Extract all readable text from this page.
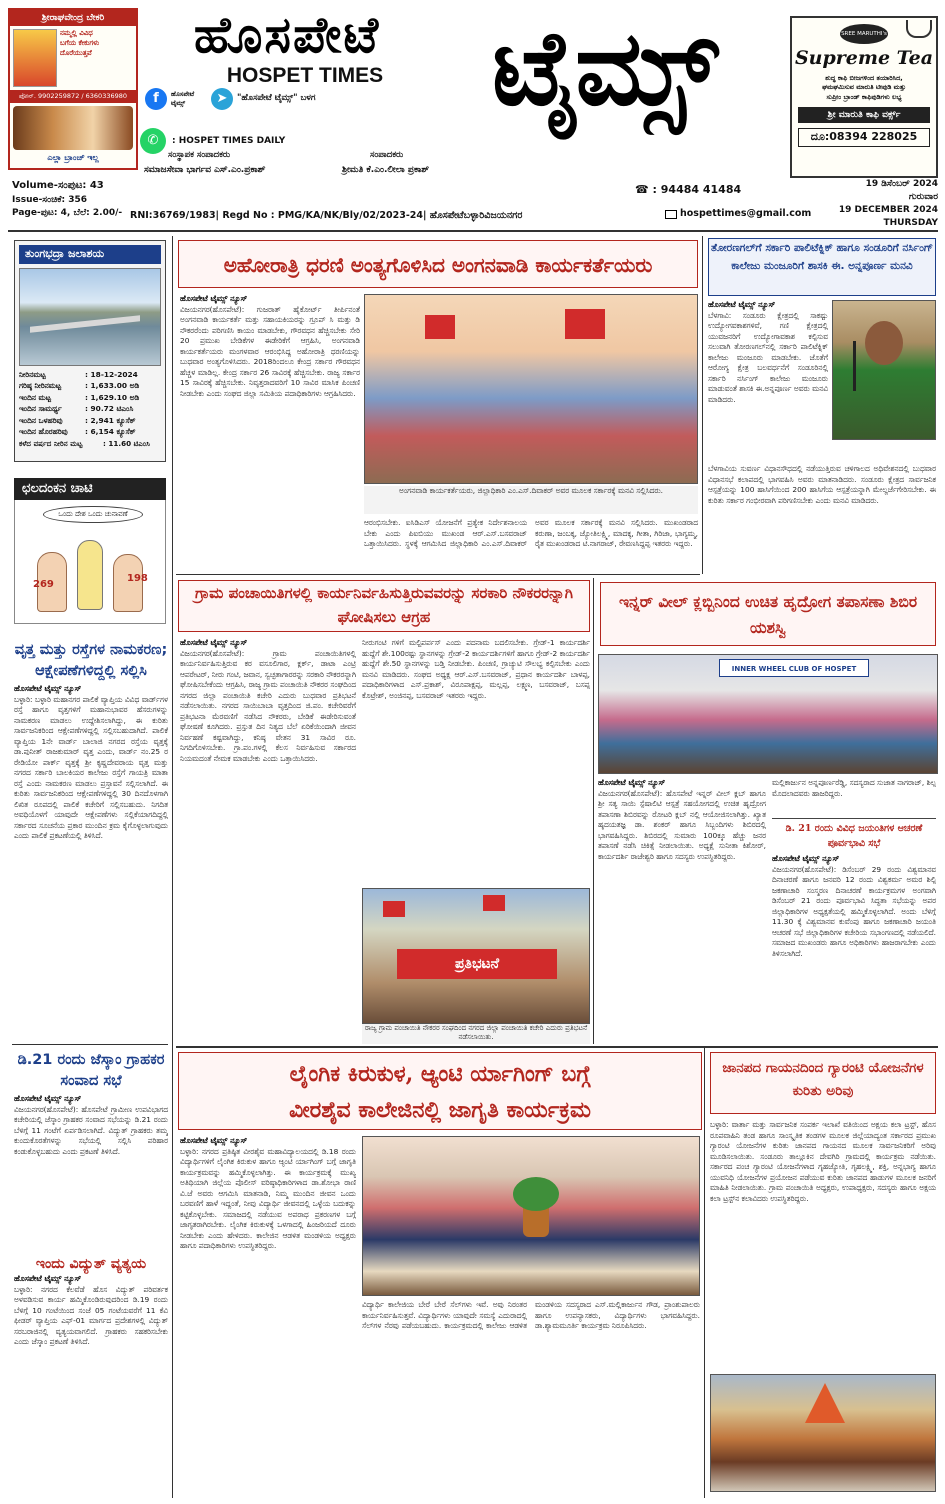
ಶ್ರೀರಾಘವೇಂದ್ರ ಬೇಕರಿ
ನಮ್ಮಲ್ಲಿ ವಿವಿಧ
ಬಗೆಯ ಕೇಕುಗಳು
ದೊರೆಯುತ್ತವೆ
ಪೋನ್. 9902259872 / 6360336980
ಎಲ್ಲಾ ಬ್ರಾಂಚ್ ಇಲ್ಲ
ಹೊಸಪೇಟೆ
HOSPET TIMES	ಟೈಮ್ಸ್
f	ಹೊಸಪೇಟೆ ಟೈಮ್ಸ್	➤	"ಹೊಸಪೇಟೆ ಟೈಮ್ಸ್" ಬಳಗ
✆	: HOSPET TIMES DAILY
SREE MARUTHI's
Supreme Tea
ಶುದ್ಧ ಕಾಫಿ ಬೀಜಗಳಿಂದ ತಯಾರಿಸಿದ,
ಘಮಘಮಿಸುವ ಮಾರುತಿ ಟೀಪುಡಿ ಮತ್ತು
ಸುಪ್ರೀಂ ಬ್ರಾಂಡ್ ಕಾಫಿಪುಡಿಗಳು ಲಭ್ಯ
ಶ್ರೀ ಮಾರುತಿ ಕಾಫಿ ವರ್ಕ್ಸ್
ದೂ:08394 228025
ಸಂಸ್ಥಾಪಕ ಸಂಪಾದಕರು	ಸಂಪಾದಕರು
ಸಮಾಜಸೇವಾ ಭಾರ್ಗವ ಎಸ್.ಎಂ.ಪ್ರಕಾಶ್	ಶ್ರೀಮತಿ ಕೆ.ಎಂ.ಲೀಲಾ ಪ್ರಕಾಶ್
☎ : 94484 41484
Volume-ಸಂಪುಟ: 43
Issue-ಸಂಚಿಕೆ: 356
Page-ಪುಟ: 4, ಬೆಲೆ: 2.00/- RNI:36769/1983| Regd No : PMG/KA/NK/Bly/02/2023-24| ಹೊಸಪೇಟೆಬಳ್ಳಾರಿವಿಜಯನಗರ	hospettimes@gmail.com
19 ಡಿಸೆಂಬರ್ 2024
ಗುರುವಾರ
19 DECEMBER 2024
THURSDAY
ತುಂಗಭದ್ರಾ ಜಲಾಶಯ
ನೀರಿನಮಟ್ಟ	: 18-12-2024
ಗರಿಷ್ಠ ನೀರಿನಮಟ್ಟ	: 1,633.00 ಅಡಿ
ಇಂದಿನ ಮಟ್ಟ	: 1,629.10 ಅಡಿ
ಇಂದಿನ ಸಾಮರ್ಥ್ಯ	: 90.72 ಟಿಎಂಸಿ
ಇಂದಿನ ಒಳಹರಿವು	: 2,941 ಕ್ಯೂಸೆಕ್
ಇಂದಿನ ಹೊರಹರಿವು	: 6,154 ಕ್ಯೂಸೆಕ್
ಕಳೆದ ವರ್ಷದ ನೀರಿನ ಮಟ್ಟ	: 11.60 ಟಿಎಂಸಿ
ಛಲದಂಕನ ಚಾಟಿ
ಒಂದು ದೇಶ ಒಂದು ಚುನಾವಣೆ
269
198
ವೃತ್ತ ಮತ್ತು ರಸ್ತೆಗಳ ನಾಮಕರಣ;
ಆಕ್ಷೇಪಣೆಗಳಿದ್ದಲ್ಲಿ ಸಲ್ಲಿಸಿ
ಹೊಸಪೇಟೆ ಟೈಮ್ಸ್ ನ್ಯೂಸ್
ಬಳ್ಳಾರಿ: ಬಳ್ಳಾರಿ ಮಹಾನಗರ ಪಾಲಿಕೆ ವ್ಯಾಪ್ತಿಯ ವಿವಿಧ ವಾರ್ಡ್‌ಗಳ ರಸ್ತೆ ಹಾಗೂ ವೃತ್ತಗಳಿಗೆ ಮಹಾನುಭಾವರ ಹೆಸರುಗಳನ್ನು ನಾಮಕರಣ ಮಾಡಲು ಉದ್ದೇಶಿಸಲಾಗಿದ್ದು, ಈ ಕುರಿತು ಸಾರ್ವಜನಿಕರಿಂದ ಆಕ್ಷೇಪಣೆಗಳಿದ್ದಲ್ಲಿ ಸಲ್ಲಿಸಬಹುದಾಗಿದೆ. ಪಾಲಿಕೆ ವ್ಯಾಪ್ತಿಯ 1ನೇ ವಾರ್ಡ್ ಬಾಲಾಜಿ ನಗರದ ರಸ್ತೆಯ ವೃತ್ತಕ್ಕೆ ಡಾ.ಪುನೀತ್ ರಾಜಕುಮಾರ್ ವೃತ್ತ ಎಂದು, ವಾರ್ಡ್ ನಂ.25 ರ ರೇಡಿಯೋ ಪಾರ್ಕ್ ವೃತ್ತಕ್ಕೆ ಶ್ರೀ ಕೃಷ್ಣದೇವರಾಯ ವೃತ್ತ ಮತ್ತು ನಗರದ ಸರ್ಕಾರಿ ಬಾಲಕಿಯರ ಕಾಲೇಜು ರಸ್ತೆಗೆ ಗಾಯತ್ರಿ ಮಾತಾ ರಸ್ತೆ ಎಂದು ನಾಮಕರಣ ಮಾಡಲು ಪ್ರಸ್ತಾವನೆ ಸಲ್ಲಿಸಲಾಗಿದೆ. ಈ ಕುರಿತು ಸಾರ್ವಜನಿಕರಿಂದ ಆಕ್ಷೇಪಣೆಗಳಿದ್ದಲ್ಲಿ 30 ದಿನದೊಳಗಾಗಿ ಲಿಖಿತ ರೂಪದಲ್ಲಿ ಪಾಲಿಕೆ ಕಚೇರಿಗೆ ಸಲ್ಲಿಸಬಹುದು. ನಿಗದಿತ ಅವಧಿಯೊಳಗೆ ಯಾವುದೇ ಆಕ್ಷೇಪಣೆಗಳು ಸಲ್ಲಿಕೆಯಾಗದಿದ್ದಲ್ಲಿ ಸರ್ಕಾರದ ಸೂಚನೆಯ ಪ್ರಕಾರ ಮುಂದಿನ ಕ್ರಮ ಕೈಗೊಳ್ಳಲಾಗುವುದು ಎಂದು ಪಾಲಿಕೆ ಪ್ರಕಟಣೆಯಲ್ಲಿ ತಿಳಿಸಿದೆ.
ಡಿ.21 ರಂದು ಜೆಸ್ಕಾಂ ಗ್ರಾಹಕರ ಸಂವಾದ ಸಭೆ
ಹೊಸಪೇಟೆ ಟೈಮ್ಸ್ ನ್ಯೂಸ್
ವಿಜಯನಗರ(ಹೊಸಪೇಟೆ): ಹೊಸಪೇಟೆ ಗ್ರಾಮೀಣ ಉಪವಿಭಾಗದ ಕಚೇರಿಯಲ್ಲಿ ಜೆಸ್ಕಾಂ ಗ್ರಾಹಕರ ಸಂವಾದ ಸಭೆಯನ್ನು ಡಿ.21 ರಂದು ಬೆಳಿಗ್ಗೆ 11 ಗಂಟೆಗೆ ಏರ್ಪಡಿಸಲಾಗಿದೆ. ವಿದ್ಯುತ್ ಗ್ರಾಹಕರು ತಮ್ಮ ಕುಂದುಕೊರತೆಗಳನ್ನು ಸಭೆಯಲ್ಲಿ ಸಲ್ಲಿಸಿ ಪರಿಹಾರ ಕಂಡುಕೊಳ್ಳಬಹುದು ಎಂದು ಪ್ರಕಟಣೆ ತಿಳಿಸಿದೆ.
ಇಂದು ವಿದ್ಯುತ್ ವ್ಯತ್ಯಯ
ಹೊಸಪೇಟೆ ಟೈಮ್ಸ್ ನ್ಯೂಸ್
ಬಳ್ಳಾರಿ: ನಗರದ ಕೆಲವೆಡೆ ಹೊಸ ವಿದ್ಯುತ್ ಪರಿವರ್ತಕ ಅಳವಡಿಸುವ ಕಾರ್ಯ ಹಮ್ಮಿಕೊಂಡಿರುವುದರಿಂದ ಡಿ.19 ರಂದು ಬೆಳಿಗ್ಗೆ 10 ಗಂಟೆಯಿಂದ ಸಂಜೆ 05 ಗಂಟೆಯವರೆಗೆ 11 ಕೆವಿ ಫೀಡರ್ ವ್ಯಾಪ್ತಿಯ ಎಫ್-01 ಮಾರ್ಗದ ಪ್ರದೇಶಗಳಲ್ಲಿ ವಿದ್ಯುತ್ ಸರಬರಾಜಿನಲ್ಲಿ ವ್ಯತ್ಯಯವಾಗಲಿದೆ. ಗ್ರಾಹಕರು ಸಹಕರಿಸಬೇಕು ಎಂದು ಜೆಸ್ಕಾಂ ಪ್ರಕಟಣೆ ತಿಳಿಸಿದೆ.
ಅಹೋರಾತ್ರಿ ಧರಣಿ ಅಂತ್ಯಗೊಳಿಸಿದ ಅಂಗನವಾಡಿ ಕಾರ್ಯಕರ್ತೆಯರು
ಹೊಸಪೇಟೆ ಟೈಮ್ಸ್ ನ್ಯೂಸ್
ವಿಜಯನಗರ(ಹೊಸಪೇಟೆ): ಗುಜರಾತ್ ಹೈಕೋರ್ಟ್ ತೀರ್ಪಿನಂತೆ ಅಂಗನವಾಡಿ ಕಾರ್ಯಕರ್ತೆ ಮತ್ತು ಸಹಾಯಕಿಯರನ್ನು ಗ್ರೂಪ್ ಸಿ ಮತ್ತು ಡಿ ನೌಕರರೆಂದು ಪರಿಗಣಿಸಿ ಕಾಯಂ ಮಾಡಬೇಕು, ಗೌರವಧನ ಹೆಚ್ಚಿಸಬೇಕು ಸೇರಿ 20 ಪ್ರಮುಖ ಬೇಡಿಕೆಗಳ ಈಡೇರಿಕೆಗೆ ಆಗ್ರಹಿಸಿ, ಅಂಗನವಾಡಿ ಕಾರ್ಯಕರ್ತೆಯರು ಮಂಗಳವಾರ ಆರಂಭಿಸಿದ್ದ ಅಹೋರಾತ್ರಿ ಧರಣಿಯನ್ನು ಬುಧವಾರ ಅಂತ್ಯಗೊಳಿಸಿದರು. 2018ರಿಂದಲೂ ಕೇಂದ್ರ ಸರ್ಕಾರ ಗೌರವಧನ ಹೆಚ್ಚಳ ಮಾಡಿಲ್ಲ. ಕೇಂದ್ರ ಸರ್ಕಾರ 26 ಸಾವಿರಕ್ಕೆ ಹೆಚ್ಚಿಸಬೇಕು. ರಾಜ್ಯ ಸರ್ಕಾರ 15 ಸಾವಿರಕ್ಕೆ ಹೆಚ್ಚಿಸಬೇಕು. ನಿವೃತ್ತರಾದವರಿಗೆ 10 ಸಾವಿರ ಮಾಸಿಕ ಪಿಂಚಣಿ ನೀಡಬೇಕು ಎಂದು ಸಂಘದ ಜಿಲ್ಲಾ ಸಮಿತಿಯ ಪದಾಧಿಕಾರಿಗಳು ಆಗ್ರಹಿಸಿದರು.
ಅಂಗನವಾಡಿ ಕಾರ್ಯಕರ್ತೆಯರು, ಜಿಲ್ಲಾಧಿಕಾರಿ ಎಂ.ಎಸ್.ದಿವಾಕರ್ ಅವರ ಮೂಲಕ ಸರ್ಕಾರಕ್ಕೆ ಮನವಿ ಸಲ್ಲಿಸಿದರು.
ಆರಂಭಿಸಬೇಕು. ಐಸಿಡಿಎಸ್ ಯೋಜನೆಗೆ ಪ್ರತ್ಯೇಕ ನಿರ್ದೇಶನಾಲಯ ಬೇಕು ಎಂದು ಪಿಐಬಿಯು ಮುಖಂಡ ಆರ್.ಎಸ್.ಬಸವರಾಜ್ ಒತ್ತಾಯಿಸಿದರು. ಸ್ಥಳಕ್ಕೆ ಆಗಮಿಸಿದ ಜಿಲ್ಲಾಧಿಕಾರಿ ಎಂ.ಎಸ್.ದಿವಾಕರ್ ಅವರ ಮೂಲಕ ಸರ್ಕಾರಕ್ಕೆ ಮನವಿ ಸಲ್ಲಿಸಿದರು. ಮುಖಂಡರಾದ ಕರುಣಾ, ಜಂಬಕ್ಕ, ಜ್ಯೋತಿಲಕ್ಷ್ಮಿ, ಮಾದಕ್ಕ, ಗೀತಾ, ಗಿರಿಜಾ, ಭಾಗ್ಯಮ್ಮ, ರೈತ ಮುಖಂಡರಾದ ಟಿ.ನಾಗರಾಜ್, ರೇವಣಸಿದ್ದಪ್ಪ ಇತರರು ಇದ್ದರು.
ಗ್ರಾಮ ಪಂಚಾಯಿತಿಗಳಲ್ಲಿ ಕಾರ್ಯನಿರ್ವಹಿಸುತ್ತಿರುವವರನ್ನು ಸರಕಾರಿ ನೌಕರರನ್ನಾಗಿ ಘೋಷಿಸಲು ಆಗ್ರಹ
ಹೊಸಪೇಟೆ ಟೈಮ್ಸ್ ನ್ಯೂಸ್
ವಿಜಯನಗರ(ಹೊಸಪೇಟೆ): ಗ್ರಾಮ ಪಂಚಾಯಿತಿಗಳಲ್ಲಿ ಕಾರ್ಯನಿರ್ವಹಿಸುತ್ತಿರುವ ಕರ ವಸೂಲಿಗಾರ, ಕ್ಲರ್ಕ್, ಡಾಟಾ ಎಂಟ್ರಿ ಆಪರೇಟರ್, ನೀರು ಗಂಟಿ, ಜವಾನ, ಸ್ವಚ್ಛತಾಗಾರರನ್ನು ಸರಕಾರಿ ನೌಕರರನ್ನಾಗಿ ಘೋಷಿಸಬೇಕೆಂದು ಆಗ್ರಹಿಸಿ, ರಾಜ್ಯ ಗ್ರಾಮ ಪಂಚಾಯಿತಿ ನೌಕರರ ಸಂಘದಿಂದ ನಗರದ ಜಿಲ್ಲಾ ಪಂಚಾಯಿತಿ ಕಚೇರಿ ಎದುರು ಬುಧವಾರ ಪ್ರತಿಭಟನೆ ನಡೆಸಲಾಯಿತು. ನಗರದ ಸಾಯಿಬಾಬಾ ವೃತ್ತದಿಂದ ಜಿ.ಪಂ. ಕಚೇರಿವರೆಗೆ ಪ್ರತಿಭಟನಾ ಮೆರವಣಿಗೆ ನಡೆಸಿದ ನೌಕರರು, ಬೇಡಿಕೆ ಈಡೇರಿಸುವಂತೆ ಘೋಷಣೆ ಕೂಗಿದರು. ಪ್ರಸ್ತುತ ದಿನ ನಿತ್ಯದ ಬೆಲೆ ಏರಿಕೆಯಿಂದಾಗಿ ಜೀವನ ನಿರ್ವಹಣೆ ಕಷ್ಟವಾಗಿದ್ದು, ಕನಿಷ್ಠ ವೇತನ 31 ಸಾವಿರ ರೂ. ನಿಗದಿಗೊಳಿಸಬೇಕು. ಗ್ರಾ.ಪಂ.ಗಳಲ್ಲಿ ಕೆಲಸ ನಿರ್ವಹಿಸುವ ಸರ್ಕಾರದ ನಿಯಮದಂತೆ ನೇಮಕ ಮಾಡಬೇಕು ಎಂದು ಒತ್ತಾಯಿಸಿದರು.
ನೀರುಗಂಟಿ ಗಳಿಗೆ ಮಲ್ಟಿಪರ್ಪಸ್ ಎಂದು ಪದನಾಮ ಬದಲಿಸಬೇಕು. ಗ್ರೇಡ್-1 ಕಾರ್ಯದರ್ಶಿ ಹುದ್ದೆಗೆ ಶೇ.100ರಷ್ಟು ಸ್ಥಾನಗಳನ್ನು ಗ್ರೇಡ್-2 ಕಾರ್ಯದರ್ಶಿಗಳಿಗೆ ಹಾಗೂ ಗ್ರೇಡ್-2 ಕಾರ್ಯದರ್ಶಿ ಹುದ್ದೆಗೆ ಶೇ.50 ಸ್ಥಾನಗಳನ್ನು ಬಡ್ತಿ ನೀಡಬೇಕು. ಪಿಂಚಣಿ, ಗ್ರಾಚ್ಯುಟಿ ಸೌಲಭ್ಯ ಕಲ್ಪಿಸಬೇಕು ಎಂದು ಮನವಿ ಮಾಡಿದರು. ಸಂಘದ ಅಧ್ಯಕ್ಷ ಆರ್.ಎಸ್.ಬಸವರಾಜ್, ಪ್ರಧಾನ ಕಾರ್ಯದರ್ಶಿ ಬಾಳಪ್ಪ, ಪದಾಧಿಕಾರಿಗಳಾದ ಎಸ್.ಪ್ರಕಾಶ್, ವಿರೂಪಾಕ್ಷಪ್ಪ, ಮಲ್ಲಪ್ಪ, ಲಕ್ಷ್ಮಣ, ಬಸವರಾಜ್, ಬಸಪ್ಪ ಕೊಟ್ರೇಶ್, ಅಂಜಿನಪ್ಪ, ಬಸವರಾಜ್ ಇತರರು ಇದ್ದರು.
ಪ್ರತಿಭಟನೆ
ರಾಜ್ಯ ಗ್ರಾಮ ಪಂಚಾಯಿತಿ ನೌಕರರ ಸಂಘದಿಂದ ನಗರದ ಜಿಲ್ಲಾ ಪಂಚಾಯಿತಿ ಕಚೇರಿ ಎದುರು ಪ್ರತಿಭಟನೆ ನಡೆಸಲಾಯಿತು.
ಇನ್ನರ್ ವೀಲ್ ಕ್ಲಬ್ಬಿನಿಂದ ಉಚಿತ ಹೃದ್ರೋಗ ತಪಾಸಣಾ ಶಿಬಿರ ಯಶಸ್ವಿ
INNER WHEEL CLUB OF HOSPET
ಹೊಸಪೇಟೆ ಟೈಮ್ಸ್ ನ್ಯೂಸ್
ವಿಜಯನಗರ(ಹೊಸಪೇಟೆ): ಹೊಸಪೇಟೆ ಇನ್ನರ್ ವೀಲ್ ಕ್ಲಬ್ ಹಾಗೂ ಶ್ರೀ ಸತ್ಯ ಸಾಯಿ ಸ್ಪೆಷಾಲಿಟಿ ಆಸ್ಪತ್ರೆ ಸಹಯೋಗದಲ್ಲಿ ಉಚಿತ ಹೃದ್ರೋಗ ತಪಾಸಣಾ ಶಿಬಿರವನ್ನು ರೋಟರಿ ಕ್ಲಬ್ ನಲ್ಲಿ ಆಯೋಜಿಸಲಾಗಿತ್ತು. ಖ್ಯಾತ ಹೃದಯತಜ್ಞ ಡಾ. ಶಂಕರ್ ಹಾಗೂ ಸಿಬ್ಬಂದಿಗಳು ಶಿಬಿರದಲ್ಲಿ ಭಾಗವಹಿಸಿದ್ದರು. ಶಿಬಿರದಲ್ಲಿ ಸುಮಾರು 100ಕ್ಕೂ ಹೆಚ್ಚು ಜನರ ತಪಾಸಣೆ ನಡೆಸಿ ಚಿಕಿತ್ಸೆ ನೀಡಲಾಯಿತು. ಅಧ್ಯಕ್ಷೆ ಸುನೀತಾ ಕಿಶೋರ್, ಕಾರ್ಯದರ್ಶಿ ರಾಜೇಶ್ವರಿ ಹಾಗೂ ಸದಸ್ಯರು ಉಪಸ್ಥಿತರಿದ್ದರು.
ಮಲ್ಲಿಕಾರ್ಜುನ ಅನ್ನಪೂರ್ಣರೆಡ್ಡಿ, ಸದಸ್ಯರಾದ ಸುಜಾತ ನಾಗರಾಜ್, ಶಿಲ್ಪ ಮೊದಲಾದವರು ಹಾಜರಿದ್ದರು.
ಡಿ. 21 ರಂದು ವಿವಿಧ ಜಯಂತಿಗಳ ಆಚರಣೆ ಪೂರ್ವಭಾವಿ ಸಭೆ
ಹೊಸಪೇಟೆ ಟೈಮ್ಸ್ ನ್ಯೂಸ್
ವಿಜಯನಗರ(ಹೊಸಪೇಟೆ): ಡಿಸೆಂಬರ್ 29 ರಂದು ವಿಶ್ವಮಾನವ ದಿನಾಚರಣೆ ಹಾಗೂ ಜನವರಿ 12 ರಂದು ವಿಶ್ವಕರ್ಮ ಅಮರ ಶಿಲ್ಪಿ ಜಕಣಾಚಾರಿ ಸಂಸ್ಮರಣ ದಿನಾಚರಣೆ ಕಾರ್ಯಕ್ರಮಗಳ ಅಂಗವಾಗಿ ಡಿಸೆಂಬರ್ 21 ರಂದು ಪೂರ್ವಭಾವಿ ಸಿದ್ಧತಾ ಸಭೆಯನ್ನು ಅಪರ ಜಿಲ್ಲಾಧಿಕಾರಿಗಳ ಅಧ್ಯಕ್ಷತೆಯಲ್ಲಿ ಹಮ್ಮಿಕೊಳ್ಳಲಾಗಿದೆ. ಅಂದು ಬೆಳಿಗ್ಗೆ 11.30 ಕ್ಕೆ ವಿಶ್ವಮಾನವ ಕುವೆಂಪು ಹಾಗೂ ಜಕಣಾಚಾರಿ ಜಯಂತಿ ಆಚರಣೆ ಸಭೆ ಜಿಲ್ಲಾಧಿಕಾರಿಗಳ ಕಚೇರಿಯ ಸಭಾಂಗಣದಲ್ಲಿ ನಡೆಯಲಿದೆ. ಸಮಾಜದ ಮುಖಂಡರು ಹಾಗೂ ಅಧಿಕಾರಿಗಳು ಹಾಜರಾಗಬೇಕು ಎಂದು ತಿಳಿಸಲಾಗಿದೆ.
ತೋರಣಗಲ್‌ಗೆ ಸರ್ಕಾರಿ ಪಾಲಿಟೆಕ್ನಿಕ್ ಹಾಗೂ ಸಂಡೂರಿಗೆ ನರ್ಸಿಂಗ್ ಕಾಲೇಜು ಮಂಜೂರಿಗೆ ಶಾಸಕಿ ಈ. ಅನ್ನಪೂರ್ಣ ಮನವಿ
ಹೊಸಪೇಟೆ ಟೈಮ್ಸ್ ನ್ಯೂಸ್
ಬೆಳಗಾವಿ: ಸಂಡೂರು ಕ್ಷೇತ್ರದಲ್ಲಿ ಸಾಕಷ್ಟು ಉದ್ಯೋಗವಕಾಶಗಳಿವೆ, ಗಣಿ ಕ್ಷೇತ್ರದಲ್ಲಿ ಯುವಜನರಿಗೆ ಉದ್ಯೋಗಾವಕಾಶ ಕಲ್ಪಿಸುವ ಸಲುವಾಗಿ ತೋರಣಗಲ್‌ನಲ್ಲಿ ಸರ್ಕಾರಿ ಪಾಲಿಟೆಕ್ನಿಕ್ ಕಾಲೇಜು ಮಂಜೂರು ಮಾಡಬೇಕು. ಜೊತೆಗೆ ಆರೋಗ್ಯ ಕ್ಷೇತ್ರ ಬಲವರ್ಧನೆಗೆ ಸಂಡೂರಿನಲ್ಲಿ ಸರ್ಕಾರಿ ನರ್ಸಿಂಗ್ ಕಾಲೇಜು ಮಂಜೂರು ಮಾಡುವಂತೆ ಶಾಸಕಿ ಈ.ಅನ್ನಪೂರ್ಣ ಅವರು ಮನವಿ ಮಾಡಿದರು.
ಬೆಳಗಾವಿಯ ಸುವರ್ಣ ವಿಧಾನಸೌಧದಲ್ಲಿ ನಡೆಯುತ್ತಿರುವ ಚಳಿಗಾಲದ ಅಧಿವೇಶನದಲ್ಲಿ ಬುಧವಾರ ವಿಧಾನಸಭೆ ಕಲಾಪದಲ್ಲಿ ಭಾಗವಹಿಸಿ ಅವರು ಮಾತನಾಡಿದರು. ಸಂಡೂರು ಕ್ಷೇತ್ರದ ಸಾರ್ವಜನಿಕ ಆಸ್ಪತ್ರೆಯನ್ನು 100 ಹಾಸಿಗೆಯಿಂದ 200 ಹಾಸಿಗೆಯ ಆಸ್ಪತ್ರೆಯನ್ನಾಗಿ ಮೇಲ್ದರ್ಜೆಗೇರಿಸಬೇಕು. ಈ ಕುರಿತು ಸರ್ಕಾರ ಗಂಭೀರವಾಗಿ ಪರಿಗಣಿಸಬೇಕು ಎಂದು ಮನವಿ ಮಾಡಿದರು.
ಲೈಂಗಿಕ ಕಿರುಕುಳ, ಆ್ಯಂಟಿ ರ್ಯಾಗಿಂಗ್ ಬಗ್ಗೆ
ವೀರಶೈವ ಕಾಲೇಜಿನಲ್ಲಿ ಜಾಗೃತಿ ಕಾರ್ಯಕ್ರಮ
ಹೊಸಪೇಟೆ ಟೈಮ್ಸ್ ನ್ಯೂಸ್
ಬಳ್ಳಾರಿ: ನಗರದ ಪ್ರತಿಷ್ಠಿತ ವೀರಶೈವ ಮಹಾವಿದ್ಯಾಲಯದಲ್ಲಿ ಡಿ.18 ರಂದು ವಿದ್ಯಾರ್ಥಿಗಳಿಗೆ ಲೈಂಗಿಕ ಕಿರುಕುಳ ಹಾಗೂ ಆ್ಯಂಟಿ ರ್ಯಾಗಿಂಗ್ ಬಗ್ಗೆ ಜಾಗೃತಿ ಕಾರ್ಯಕ್ರಮವನ್ನು ಹಮ್ಮಿಕೊಳ್ಳಲಾಗಿತ್ತು. ಈ ಕಾರ್ಯಕ್ರಮಕ್ಕೆ ಮುಖ್ಯ ಅತಿಥಿಯಾಗಿ ಜಿಲ್ಲೆಯ ಪೊಲೀಸ್ ವರಿಷ್ಠಾಧಿಕಾರಿಗಳಾದ ಡಾ.ಶೋಭಾ ರಾಣಿ ವಿ.ಜೆ ಅವರು ಆಗಮಿಸಿ ಮಾತನಾಡಿ, ನಿಮ್ಮ ಮುಂದಿನ ಜೀವನ ಒಂದು ಬರವಣಿಗೆ ಹಾಳೆ ಇದ್ದಂತೆ, ನೀವು ವಿದ್ಯಾರ್ಥಿ ಜೀವನದಲ್ಲಿ ಒಳ್ಳೆಯ ಬದುಕನ್ನು ಕಟ್ಟಿಕೊಳ್ಳಬೇಕು. ಸಮಾಜದಲ್ಲಿ ನಡೆಯುವ ಅಪರಾಧ ಪ್ರಕರಣಗಳ ಬಗ್ಗೆ ಜಾಗೃತರಾಗಿರಬೇಕು. ಲೈಂಗಿಕ ಕಿರುಕುಳಕ್ಕೆ ಒಳಗಾದಲ್ಲಿ ಹಿಂಜರಿಯದೆ ದೂರು ನೀಡಬೇಕು ಎಂದು ಹೇಳಿದರು. ಕಾಲೇಜಿನ ಆಡಳಿತ ಮಂಡಳಿಯ ಅಧ್ಯಕ್ಷರು ಹಾಗೂ ಪದಾಧಿಕಾರಿಗಳು ಉಪಸ್ಥಿತರಿದ್ದರು.
ವಿದ್ಯಾರ್ಥಿ ಕಾಲೇಜಿಯ ಬೇರೆ ಬೇರೆ ಸೆಲ್‌ಗಳು ಇವೆ. ಅವು ನಿರಂತರ ಕಾರ್ಯನಿರ್ವಹಿಸುತ್ತವೆ. ವಿದ್ಯಾರ್ಥಿಗಳು ಯಾವುದೇ ಸಮಸ್ಯೆ ಎದುರಾದಲ್ಲಿ ಸೆಲ್‌ಗಳ ನೆರವು ಪಡೆಯಬಹುದು. ಕಾರ್ಯಕ್ರಮದಲ್ಲಿ ಕಾಲೇಜು ಆಡಳಿತ ಮಂಡಳಿಯ ಸದಸ್ಯರಾದ ಎಸ್.ಮಲ್ಲಿಕಾರ್ಜುನ ಗೌಡ, ಪ್ರಾಂಶುಪಾಲರು ಹಾಗೂ ಉಪನ್ಯಾಸಕರು, ವಿದ್ಯಾರ್ಥಿಗಳು ಭಾಗವಹಿಸಿದ್ದರು. ಡಾ.ಶ್ಯಾಮಮೂರ್ತಿ ಕಾರ್ಯಕ್ರಮ ನಿರೂಪಿಸಿದರು.
ಜಾನಪದ ಗಾಯನದಿಂದ ಗ್ಯಾರಂಟಿ ಯೋಜನೆಗಳ ಕುರಿತು ಅರಿವು
ಬಳ್ಳಾರಿ: ವಾರ್ತಾ ಮತ್ತು ಸಾರ್ವಜನಿಕ ಸಂಪರ್ಕ ಇಲಾಖೆ ವತಿಯಿಂದ ಅಕ್ಷಯ ಕಲಾ ಟ್ರಸ್ಟ್, ಹೊಸ ರೂಪವಾಹಿನಿ ತಂಡ ಹಾಗೂ ಸಾಂಸ್ಕೃತಿಕ ತಂಡಗಳ ಮೂಲಕ ಜಿಲ್ಲೆಯಾದ್ಯಂತ ಸರ್ಕಾರದ ಪ್ರಮುಖ ಗ್ಯಾರಂಟಿ ಯೋಜನೆಗಳ ಕುರಿತು ಜಾನಪದ ಗಾಯನದ ಮೂಲಕ ಸಾರ್ವಜನಿಕರಿಗೆ ಅರಿವು ಮೂಡಿಸಲಾಯಿತು. ಸಂಡೂರು ತಾಲ್ಲೂಕಿನ ದೇವಗಿರಿ ಗ್ರಾಮದಲ್ಲಿ ಕಾರ್ಯಕ್ರಮ ನಡೆಯಿತು. ಸರ್ಕಾರದ ಪಂಚ ಗ್ಯಾರಂಟಿ ಯೋಜನೆಗಳಾದ ಗೃಹಜ್ಯೋತಿ, ಗೃಹಲಕ್ಷ್ಮಿ, ಶಕ್ತಿ, ಅನ್ನಭಾಗ್ಯ ಹಾಗೂ ಯುವನಿಧಿ ಯೋಜನೆಗಳ ಪ್ರಯೋಜನ ಪಡೆಯುವ ಕುರಿತು ಜಾನಪದ ಹಾಡುಗಳ ಮೂಲಕ ಜನರಿಗೆ ಮಾಹಿತಿ ನೀಡಲಾಯಿತು. ಗ್ರಾಮ ಪಂಚಾಯಿತಿ ಅಧ್ಯಕ್ಷರು, ಉಪಾಧ್ಯಕ್ಷರು, ಸದಸ್ಯರು ಹಾಗೂ ಅಕ್ಷಯ ಕಲಾ ಟ್ರಸ್ಟ್‌ನ ಕಲಾವಿದರು ಉಪಸ್ಥಿತರಿದ್ದರು.
